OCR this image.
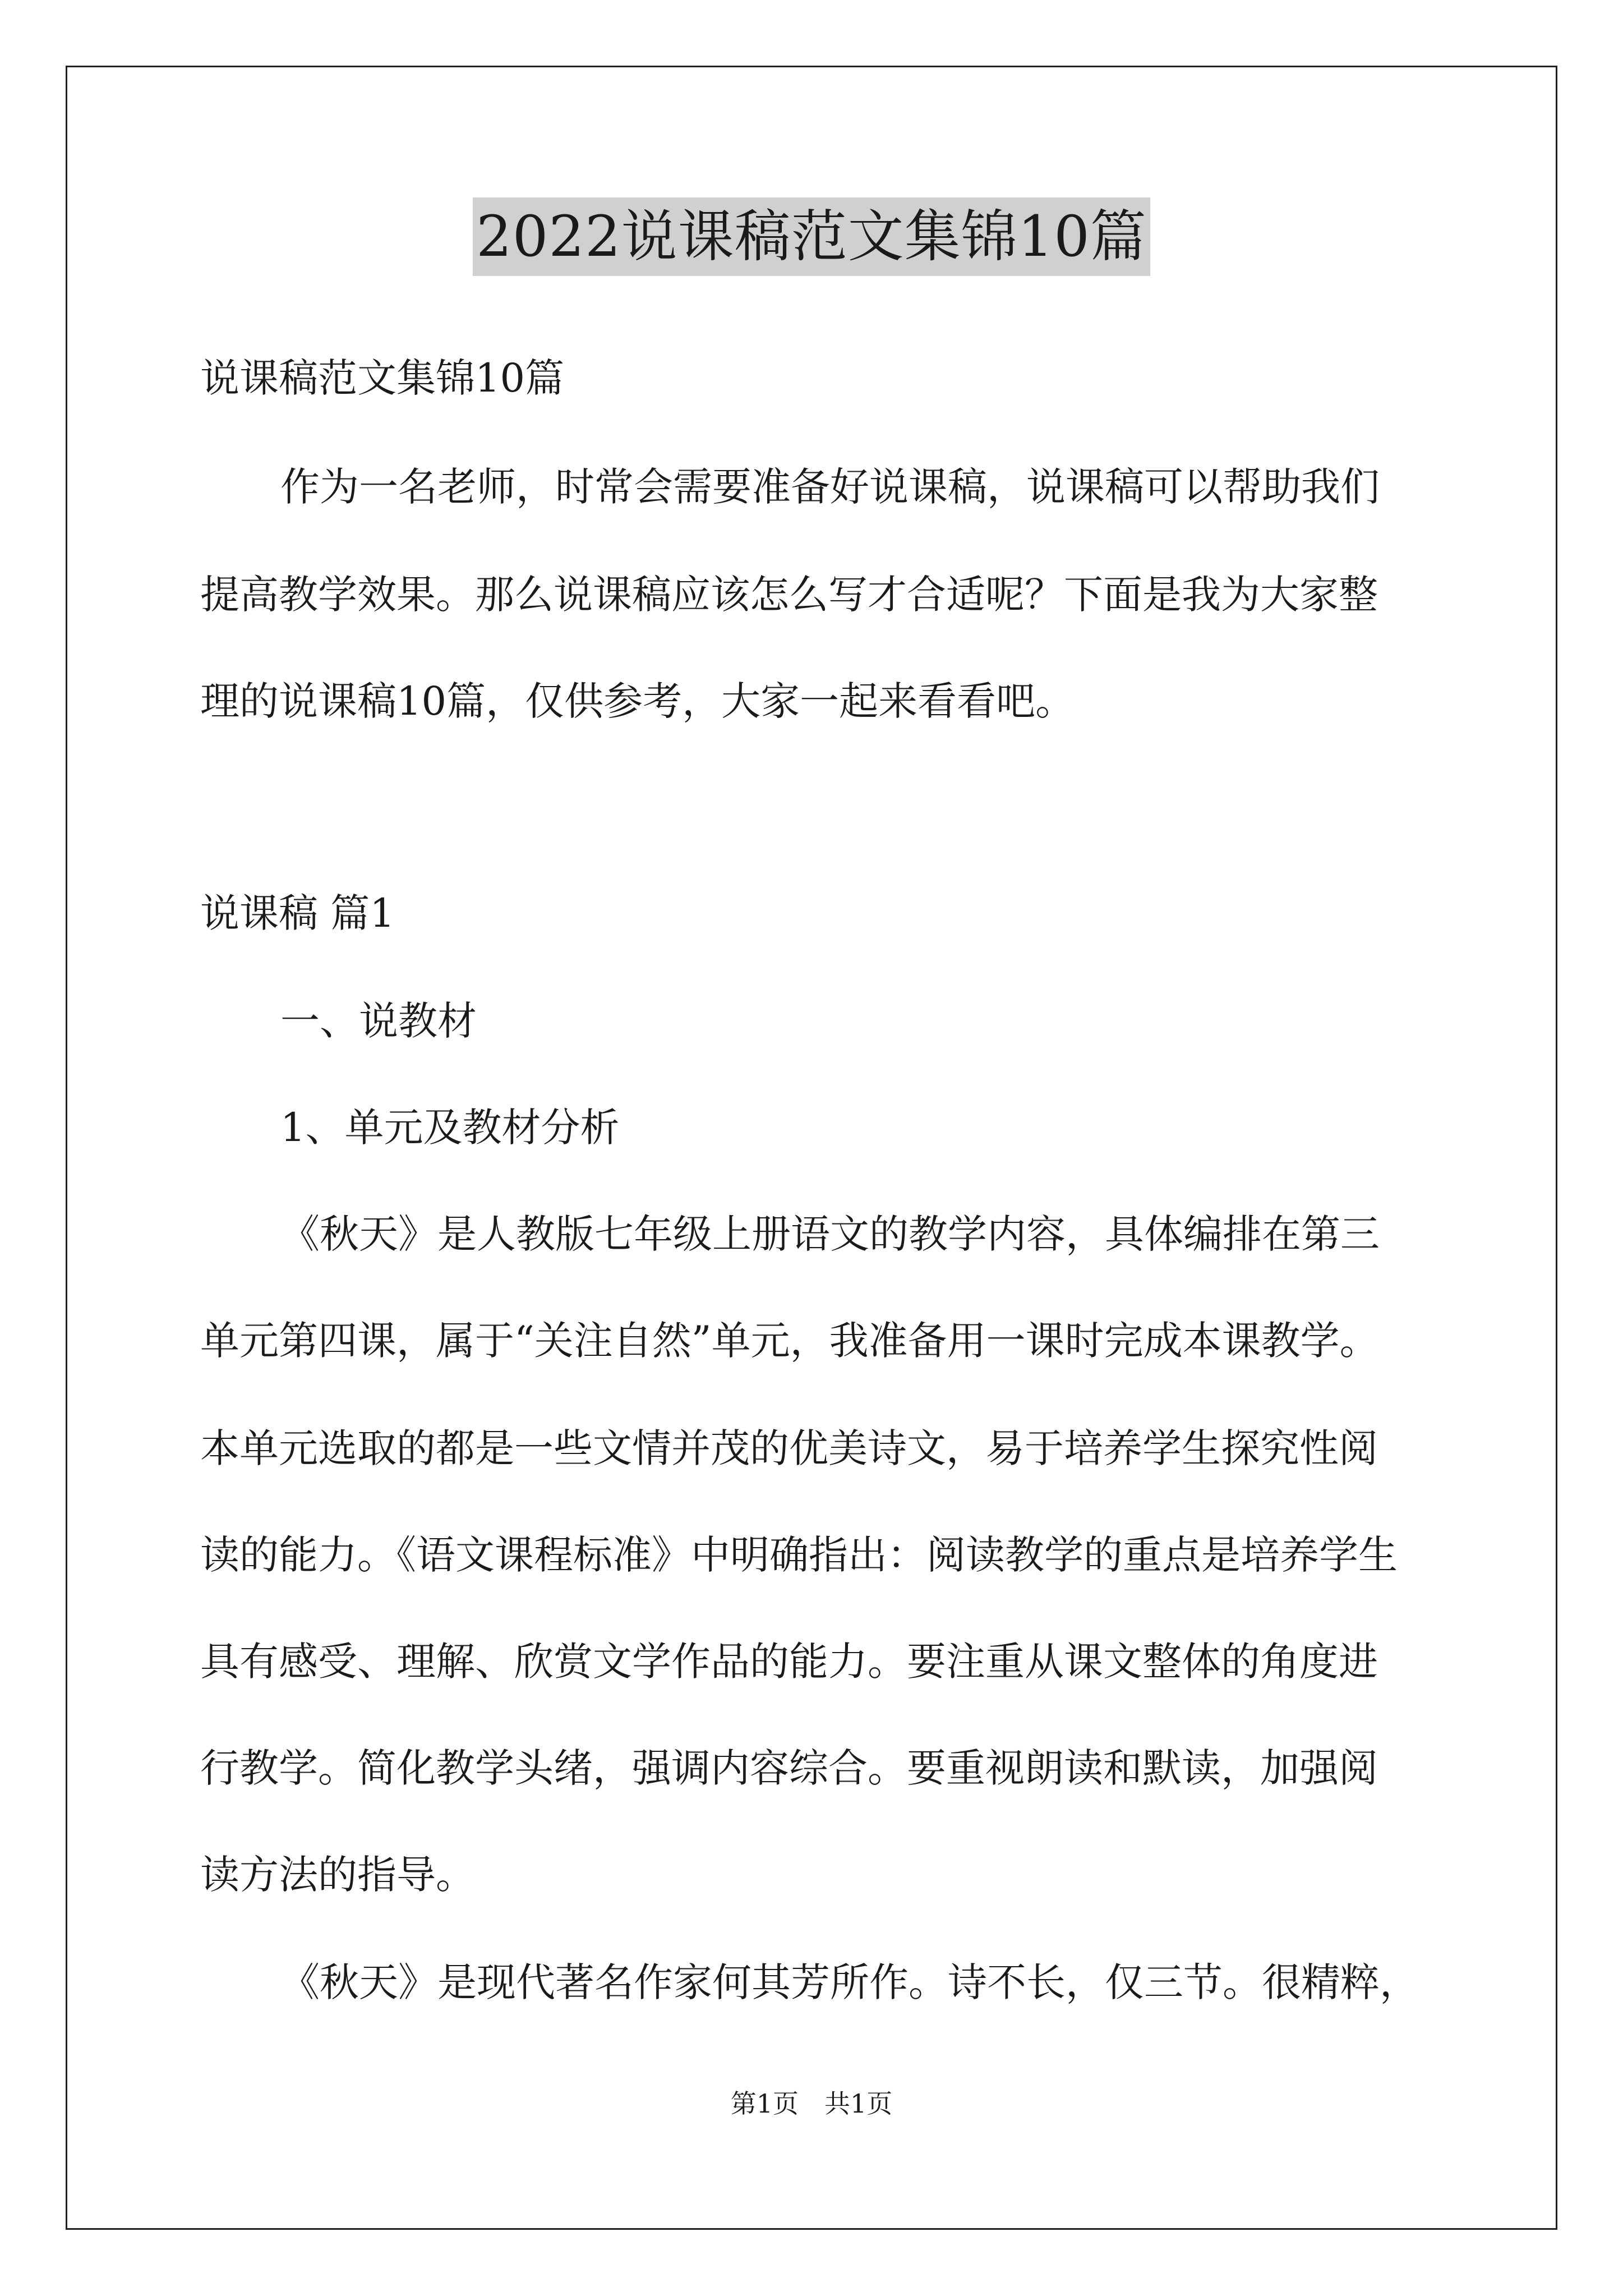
2022说课稿范文集锦10篇
说课稿范文集锦10篇
作为一名老师，时常会需要准备好说课稿，说课稿可以帮助我们
提高教学效果。那么说课稿应该怎么写才合适呢？下面是我为大家整
理的说课稿10篇，仅供参考，大家一起来看看吧。
说课稿 篇1
一、说教材
1、单元及教材分析
《秋天》是人教版七年级上册语文的教学内容，具体编排在第三
单元第四课，属于“关注自然”单元，我准备用一课时完成本课教学。
本单元选取的都是一些文情并茂的优美诗文，易于培养学生探究性阅
读的能力。《语文课程标准》中明确指出：阅读教学的重点是培养学生
具有感受、理解、欣赏文学作品的能力。要注重从课文整体的角度进
行教学。简化教学头绪，强调内容综合。要重视朗读和默读，加强阅
读方法的指导。
《秋天》是现代著名作家何其芳所作。诗不长，仅三节。很精粹，
第1页　共1页
